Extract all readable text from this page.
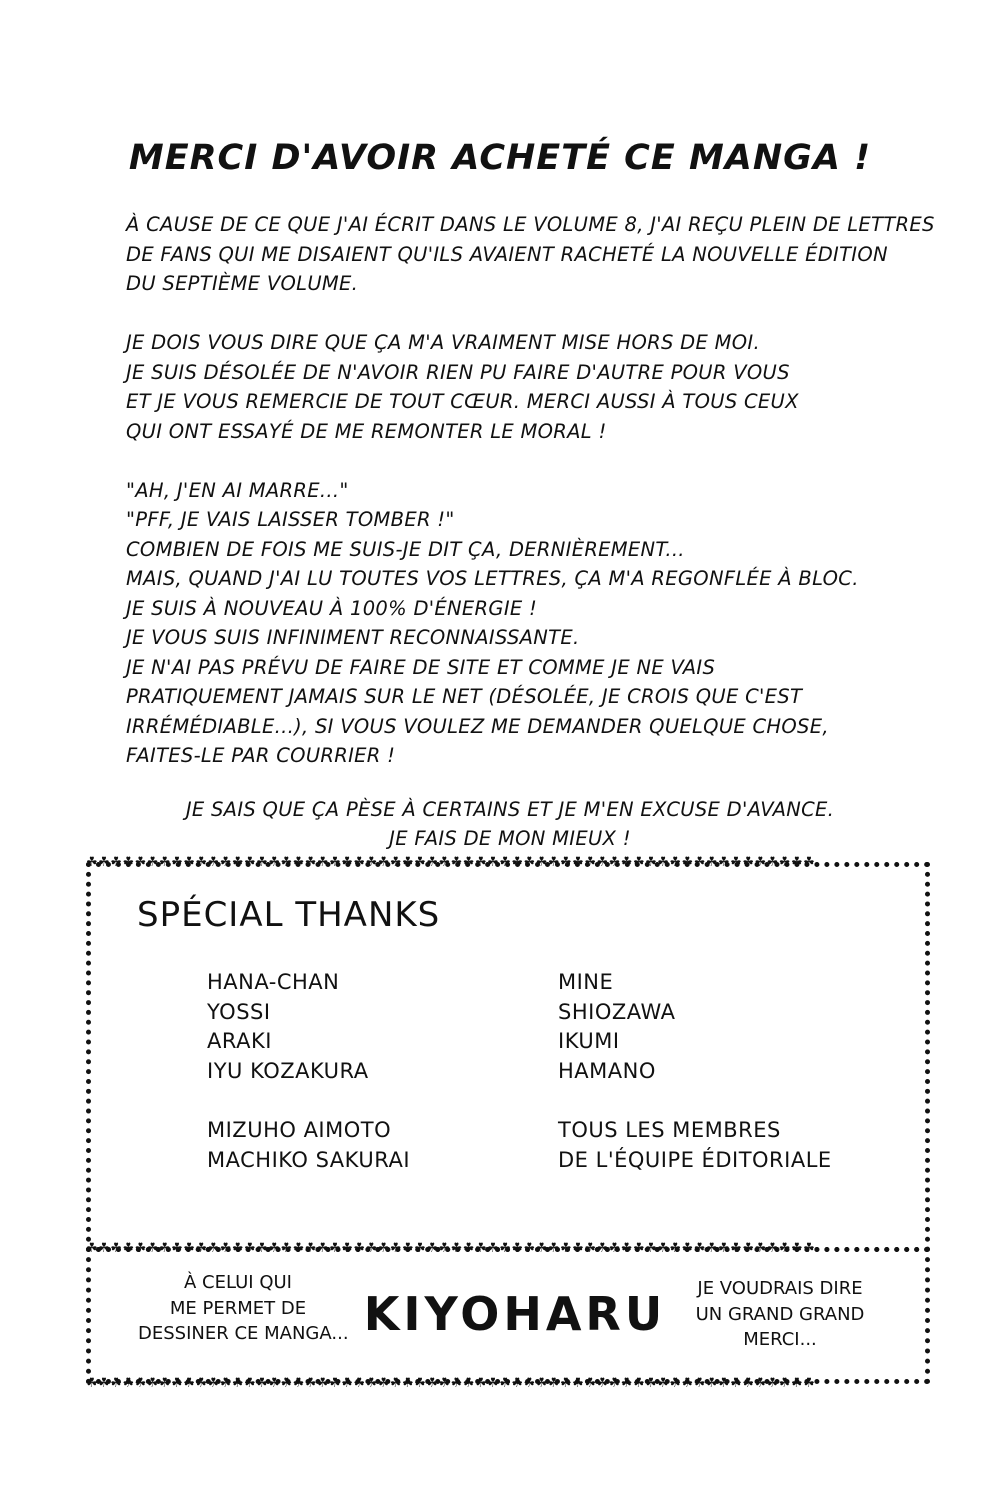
MERCI D'AVOIR ACHETÉ CE MANGA !

À CAUSE DE CE QUE J'AI ÉCRIT DANS LE VOLUME 8, J'AI REÇU PLEIN DE LETTRES
DE FANS QUI ME DISAIENT QU'ILS AVAIENT RACHETÉ LA NOUVELLE ÉDITION
DU SEPTIÈME VOLUME.

JE DOIS VOUS DIRE QUE ÇA M'A VRAIMENT MISE HORS DE MOI.
JE SUIS DÉSOLÉE DE N'AVOIR RIEN PU FAIRE D'AUTRE POUR VOUS
ET JE VOUS REMERCIE DE TOUT CŒUR. MERCI AUSSI À TOUS CEUX
QUI ONT ESSAYÉ DE ME REMONTER LE MORAL !

"AH, J'EN AI MARRE..."
"PFF, JE VAIS LAISSER TOMBER !"
COMBIEN DE FOIS ME SUIS-JE DIT ÇA, DERNIÈREMENT...
MAIS, QUAND J'AI LU TOUTES VOS LETTRES, ÇA M'A REGONFLÉE À BLOC.
JE SUIS À NOUVEAU À 100% D'ÉNERGIE !
JE VOUS SUIS INFINIMENT RECONNAISSANTE.
JE N'AI PAS PRÉVU DE FAIRE DE SITE ET COMME JE NE VAIS
PRATIQUEMENT JAMAIS SUR LE NET (DÉSOLÉE, JE CROIS QUE C'EST
IRRÉMÉDIABLE...), SI VOUS VOULEZ ME DEMANDER QUELQUE CHOSE,
FAITES-LE PAR COURRIER !

JE SAIS QUE ÇA PÈSE À CERTAINS ET JE M'EN EXCUSE D'AVANCE.
JE FAIS DE MON MIEUX !
☘☘☘☘☘☘☘☘☘☘☘☘☘☘☘☘☘☘☘☘☘☘☘☘☘☘☘☘☘☘☘☘☘☘☘☘☘☘☘☘☘☘☘☘☘☘☘☘☘☘☘☘☘☘☘☘☘☘☘☘
☘☘☘☘☘☘☘☘☘☘☘☘☘☘☘☘☘☘☘☘☘☘☘☘☘☘☘☘☘☘☘☘☘☘☘☘☘☘☘☘☘☘☘☘☘☘☘☘☘☘☘☘☘☘☘☘☘☘☘☘
☘☘☘☘☘☘☘☘☘☘☘☘☘☘☘☘☘☘☘☘☘☘☘☘☘☘☘☘☘☘☘☘☘☘☘☘☘☘☘☘☘☘☘☘☘☘☘☘☘☘☘☘☘☘☘☘☘☘☘☘
SPÉCIAL THANKS
HANA-CHAN
YOSSI
ARAKI
IYU KOZAKURA
MIZUHO AIMOTO
MACHIKO SAKURAI
MINE
SHIOZAWA
IKUMI
HAMANO
TOUS LES MEMBRES
DE L'ÉQUIPE ÉDITORIALE
À CELUI QUI
ME PERMET DE
DESSINER CE MANGA... KIYOHARU	JE VOUDRAIS DIRE
UN GRAND GRAND
MERCI...
